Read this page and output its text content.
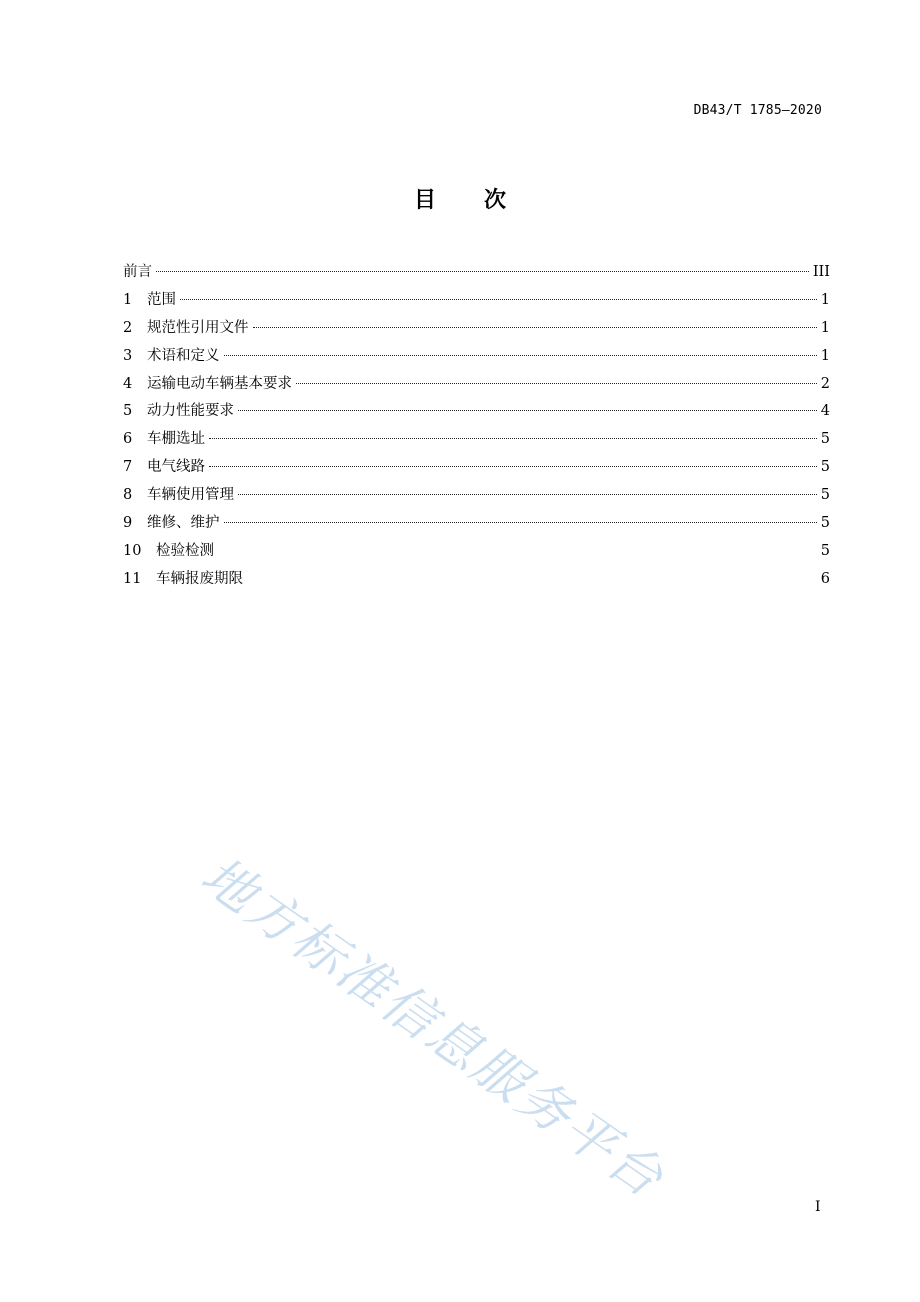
DB43/T 1785—2020
目 次
前言	III
1	范围	1
2	规范性引用文件	1
3	术语和定义	1
4	运输电动车辆基本要求	2
5	动力性能要求	4
6	车棚选址	5
7	电气线路	5
8	车辆使用管理	5
9	维修、维护	5
10	检验检测	5
11	车辆报废期限	6
地方标准信息服务平台	I
